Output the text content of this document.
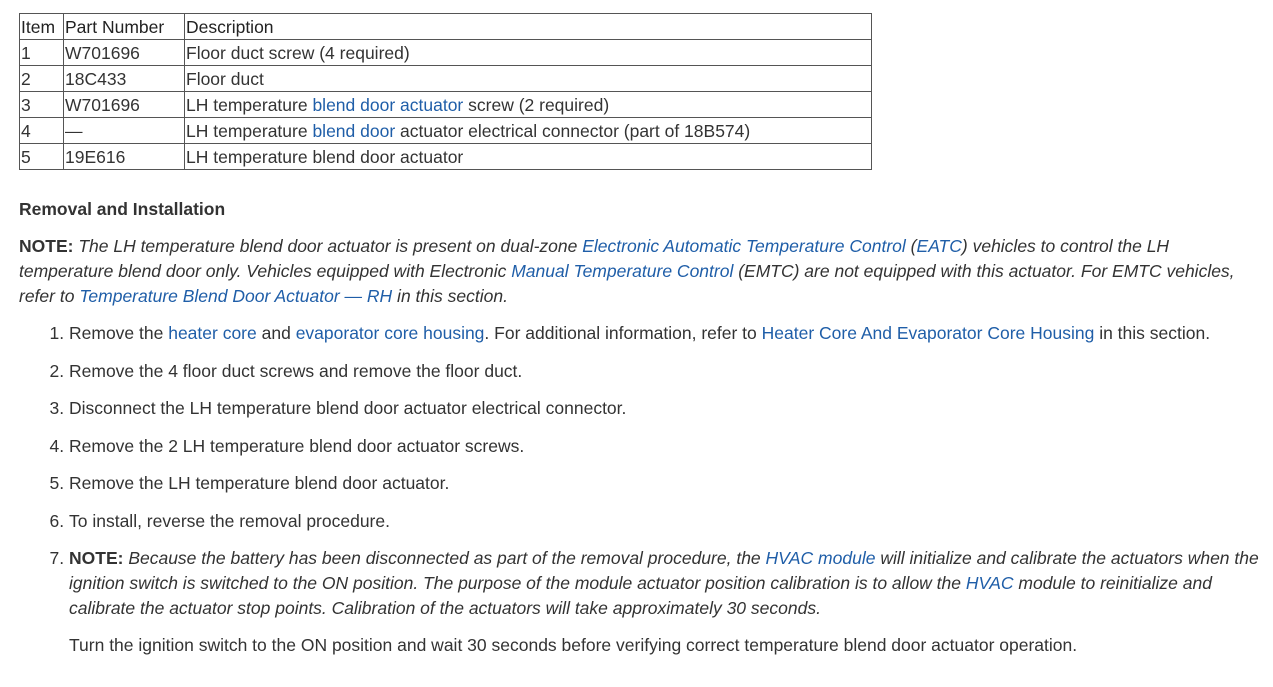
Item	Part Number	Description
1	W701696	Floor duct screw (4 required)
2	18C433	Floor duct
3	W701696	LH temperature blend door actuator screw (2 required)
4	—	LH temperature blend door actuator electrical connector (part of 18B574)
5	19E616	LH temperature blend door actuator
Removal and Installation

NOTE: The LH temperature blend door actuator is present on dual-zone Electronic Automatic Temperature Control (EATC) vehicles to control the LH temperature blend door only. Vehicles equipped with Electronic Manual Temperature Control (EMTC) are not equipped with this actuator. For EMTC vehicles, refer to Temperature Blend Door Actuator — RH in this section.

1. Remove the heater core and evaporator core housing. For additional information, refer to Heater Core And Evaporator Core Housing in this section.
2. Remove the 4 floor duct screws and remove the floor duct.
3. Disconnect the LH temperature blend door actuator electrical connector.
4. Remove the 2 LH temperature blend door actuator screws.
5. Remove the LH temperature blend door actuator.
6. To install, reverse the removal procedure.

7. NOTE: Because the battery has been disconnected as part of the removal procedure, the HVAC module will initialize and calibrate the actuators when the ignition switch is switched to the ON position. The purpose of the module actuator position calibration is to allow the HVAC module to reinitialize and calibrate the actuator stop points. Calibration of the actuators will take approximately 30 seconds.

Turn the ignition switch to the ON position and wait 30 seconds before verifying correct temperature blend door actuator operation.
